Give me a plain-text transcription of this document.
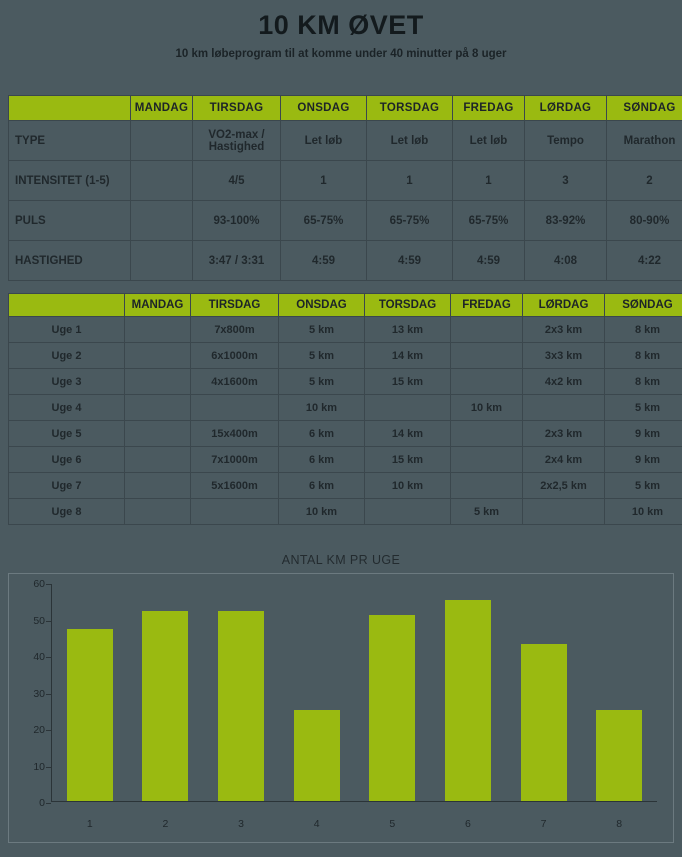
10 KM ØVET
10 km løbeprogram til at komme under 40 minutter på 8 uger
	MANDAG	TIRSDAG	ONSDAG	TORSDAG	FREDAG	LØRDAG	SØNDAG
TYPE		VO2-max / Hastighed	Let løb	Let løb	Let løb	Tempo	Marathon
INTENSITET (1-5)		4/5	1	1	1	3	2
PULS		93-100%	65-75%	65-75%	65-75%	83-92%	80-90%
HASTIGHED		3:47 / 3:31	4:59	4:59	4:59	4:08	4:22
	MANDAG	TIRSDAG	ONSDAG	TORSDAG	FREDAG	LØRDAG	SØNDAG
Uge 1		7x800m	5 km	13 km		2x3 km	8 km
Uge 2		6x1000m	5 km	14 km		3x3 km	8 km
Uge 3		4x1600m	5 km	15 km		4x2 km	8 km
Uge 4			10 km		10 km		5 km
Uge 5		15x400m	6 km	14 km		2x3 km	9 km
Uge 6		7x1000m	6 km	15 km		2x4 km	9 km
Uge 7		5x1600m	6 km	10 km		2x2,5 km	5 km
Uge 8			10 km		5 km		10 km
ANTAL KM PR UGE
0
10
20
30
40
50
60
1	2	3	4	5	6	7	8
